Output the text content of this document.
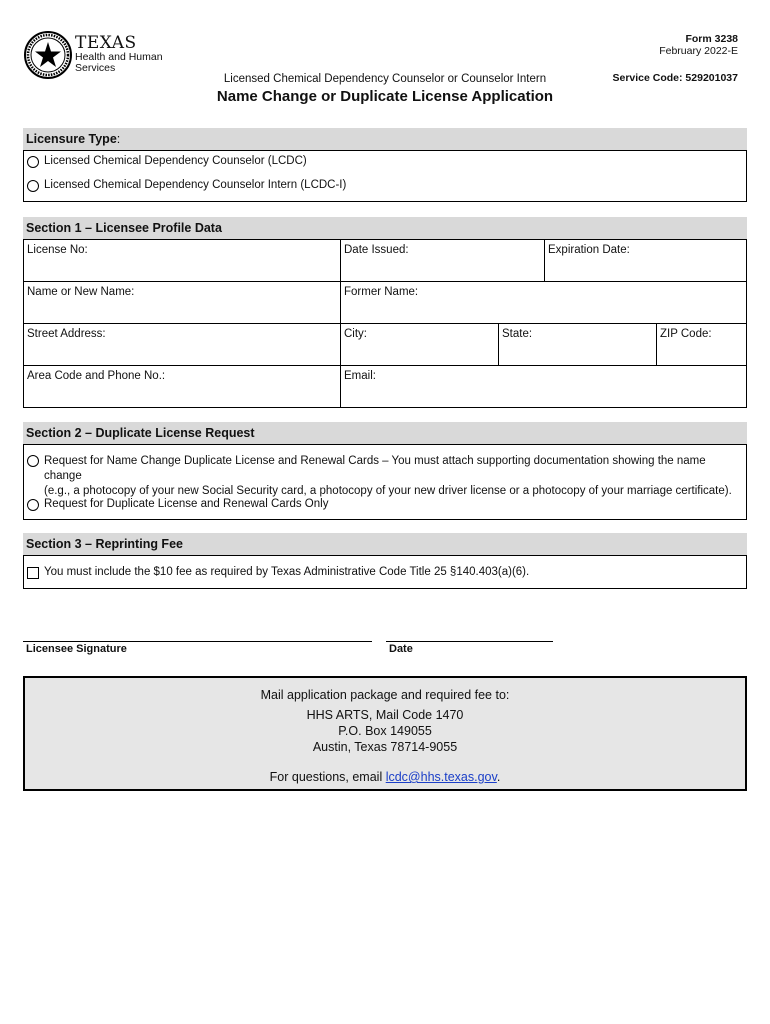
TEXAS
Health and Human
Services
Form 3238
February 2022-E
Service Code: 529201037
Licensed Chemical Dependency Counselor or Counselor Intern
Name Change or Duplicate License Application
Licensure Type:
Licensed Chemical Dependency Counselor (LCDC)
Licensed Chemical Dependency Counselor Intern (LCDC-I)
Section 1 – Licensee Profile Data
License No:	Date Issued:	Expiration Date:
Name or New Name:	Former Name:
Street Address:	City:	State:	ZIP Code:
Area Code and Phone No.:	Email:
Section 2 – Duplicate License Request
Request for Name Change Duplicate License and Renewal Cards – You must attach supporting documentation showing the name change
(e.g., a photocopy of your new Social Security card, a photocopy of your new driver license or a photocopy of your marriage certificate).
Request for Duplicate License and Renewal Cards Only
Section 3 – Reprinting Fee
You must include the $10 fee as required by Texas Administrative Code Title 25 §140.403(a)(6).
Licensee Signature	Date
Mail application package and required fee to:
HHS ARTS, Mail Code 1470
P.O. Box 149055
Austin, Texas 78714-9055
For questions, email lcdc@hhs.texas.gov.
